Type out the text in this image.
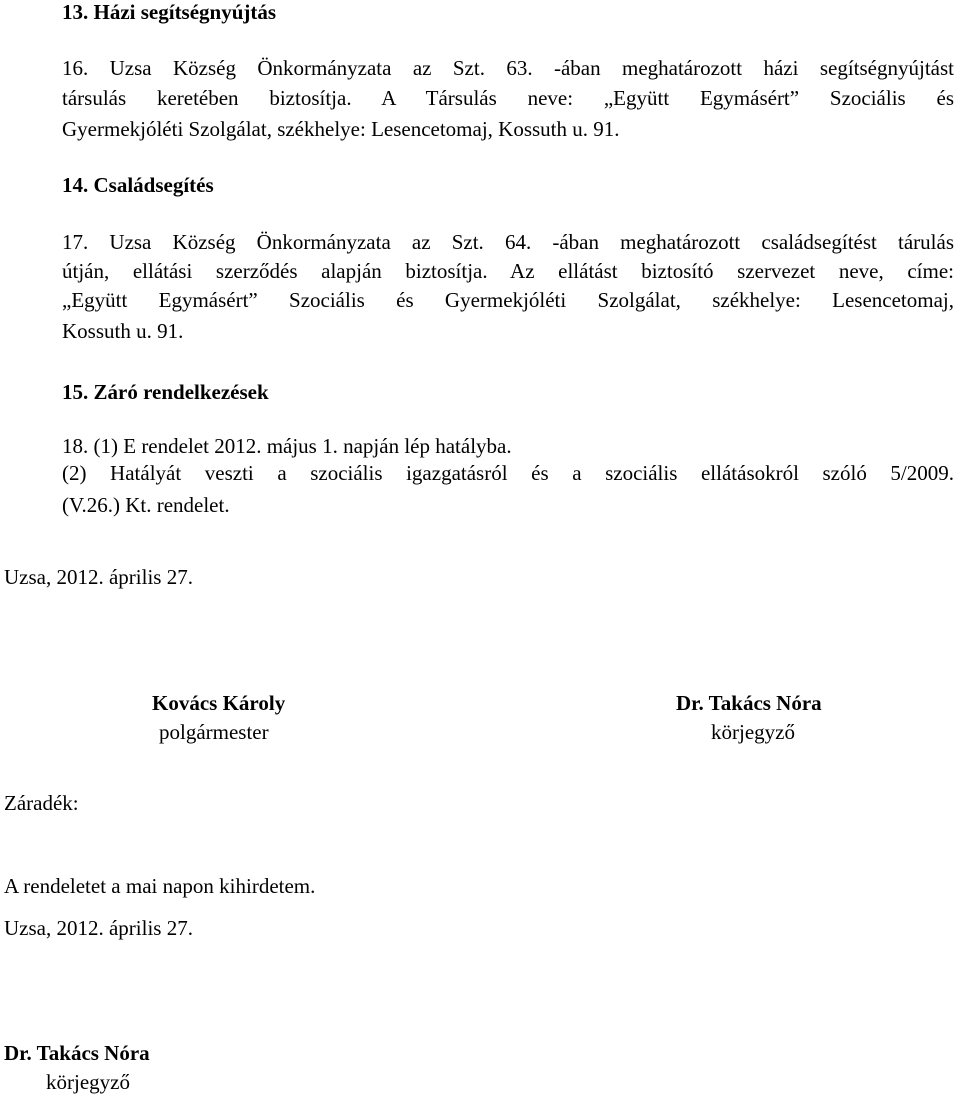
13. Házi segítségnyújtás
16. Uzsa Község Önkormányzata az Szt. 63. -ában meghatározott házi segítségnyújtást
társulás keretében biztosítja. A Társulás neve: „Együtt Egymásért” Szociális és
Gyermekjóléti Szolgálat, székhelye: Lesencetomaj, Kossuth u. 91.
14. Családsegítés
17. Uzsa Község Önkormányzata az Szt. 64. -ában meghatározott családsegítést tárulás
útján, ellátási szerződés alapján biztosítja. Az ellátást biztosító szervezet neve, címe:
„Együtt Egymásért” Szociális és Gyermekjóléti Szolgálat, székhelye: Lesencetomaj,
Kossuth u. 91.
15. Záró rendelkezések
18. (1) E rendelet 2012. május 1. napján lép hatályba.
(2) Hatályát veszti a szociális igazgatásról és a szociális ellátásokról szóló 5/2009.
(V.26.) Kt. rendelet.
Uzsa, 2012. április 27.
Kovács Károly
polgármester
Dr. Takács Nóra
körjegyző
Záradék:
A rendeletet a mai napon kihirdetem.
Uzsa, 2012. április 27.
Dr. Takács Nóra
körjegyző
